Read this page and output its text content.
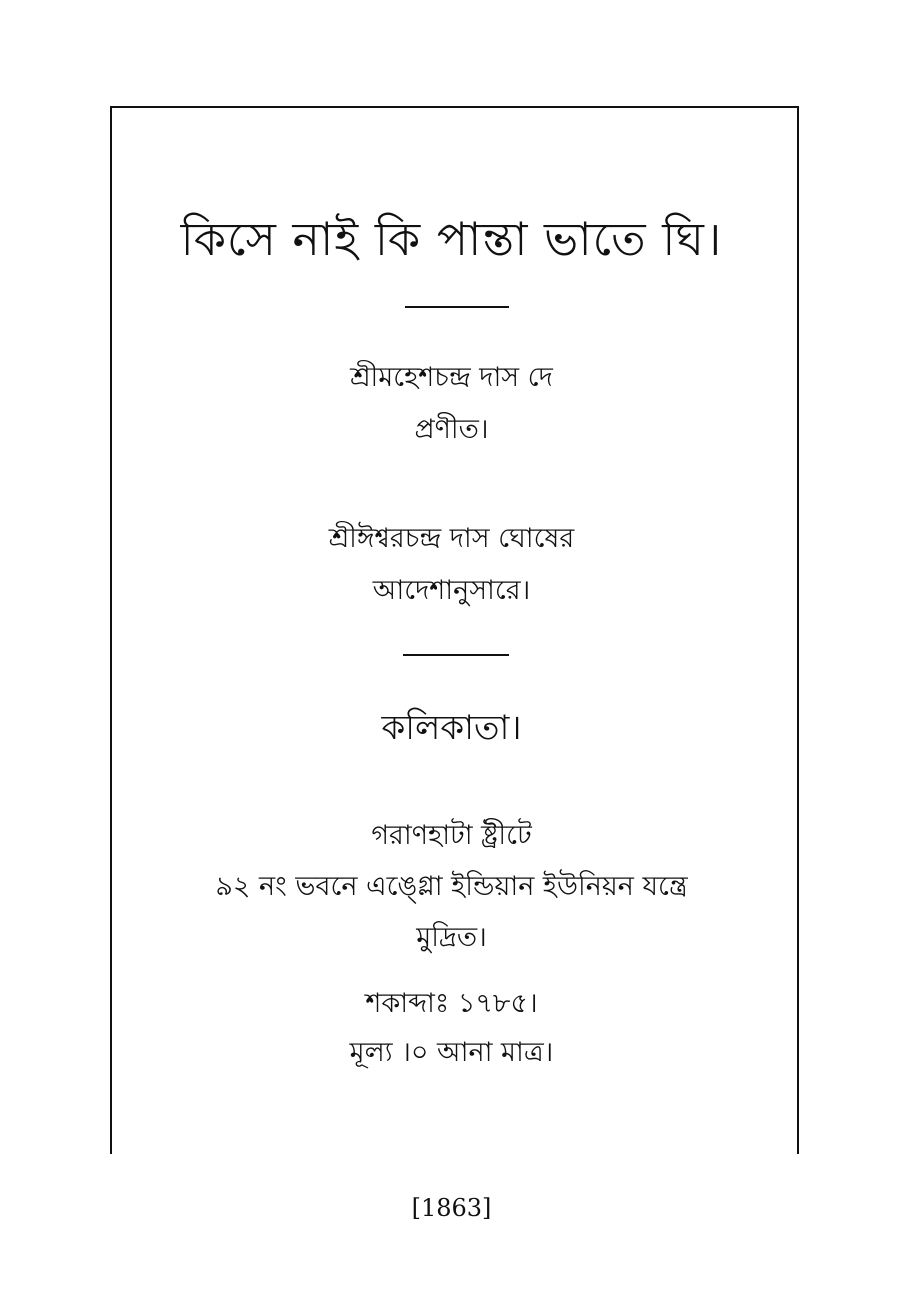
কিসে নাই কি পান্তা ভাতে ঘি।
শ্রীমহেশচন্দ্র দাস দে
প্রণীত।
শ্রীঈশ্বরচন্দ্র দাস ঘোষের
আদেশানুসারে।
কলিকাতা।
গরাণহাটা ষ্ট্রীটে
৯২ নং ভবনে এঙ্গ্লো ইন্ডিয়ান ইউনিয়ন যন্ত্রে
মুদ্রিত।
শকাব্দাঃ ১৭৮৫।
মূল্য ।০ আনা মাত্র।
[1863]
